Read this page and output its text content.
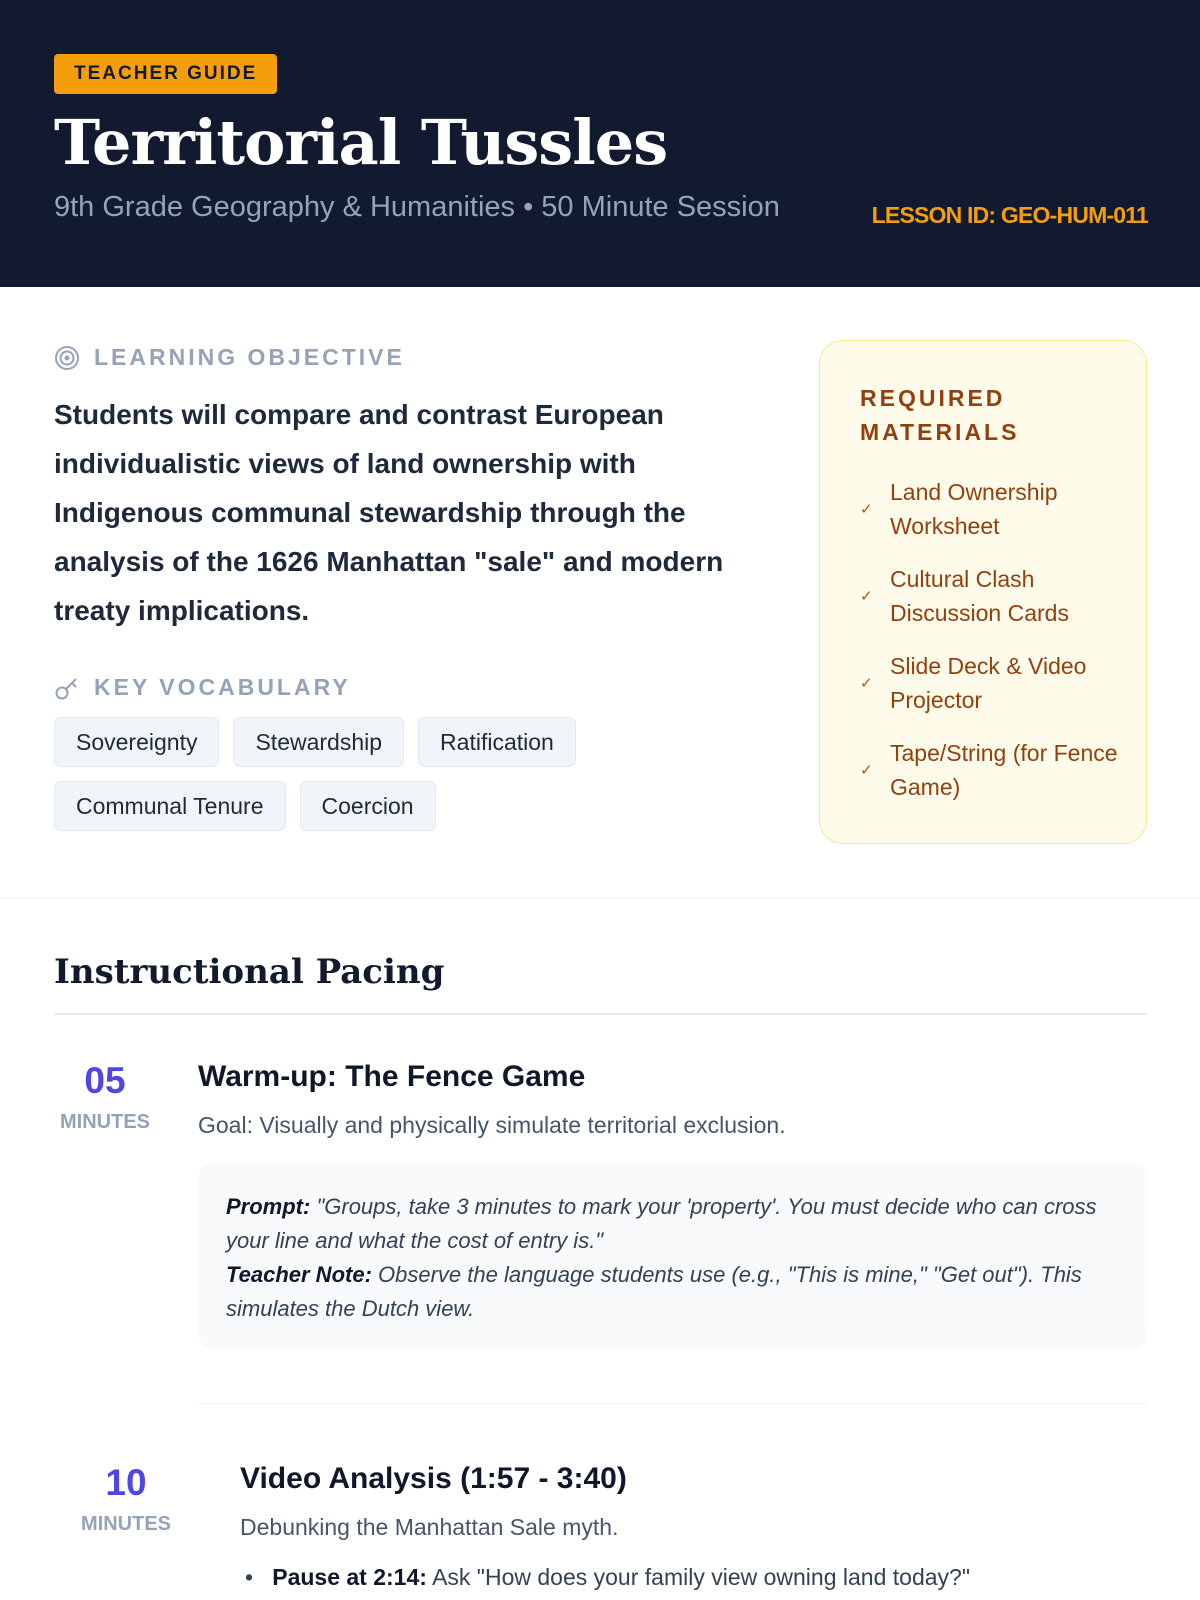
TEACHER GUIDE
Territorial Tussles
9th Grade Geography & Humanities • 50 Minute Session	LESSON ID: GEO-HUM-011
LEARNING OBJECTIVE
Students will compare and contrast European individualistic views of land ownership with Indigenous communal stewardship through the analysis of the 1626 Manhattan "sale" and modern treaty implications.
KEY VOCABULARY
Sovereignty	Stewardship	Ratification
Communal Tenure	Coercion
REQUIRED MATERIALS
✓
Land Ownership Worksheet
✓
Cultural Clash Discussion Cards
✓
Slide Deck & Video Projector
✓
Tape/String (for Fence Game)
Instructional Pacing
05
MINUTES
Warm-up: The Fence Game
Goal: Visually and physically simulate territorial exclusion.
Prompt: "Groups, take 3 minutes to mark your 'property'. You must decide who can cross your line and what the cost of entry is."
Teacher Note: Observe the language students use (e.g., "This is mine," "Get out"). This simulates the Dutch view.
10
MINUTES
Video Analysis (1:57 - 3:40)
Debunking the Manhattan Sale myth.
•   Pause at 2:14: Ask "How does your family view owning land today?"
